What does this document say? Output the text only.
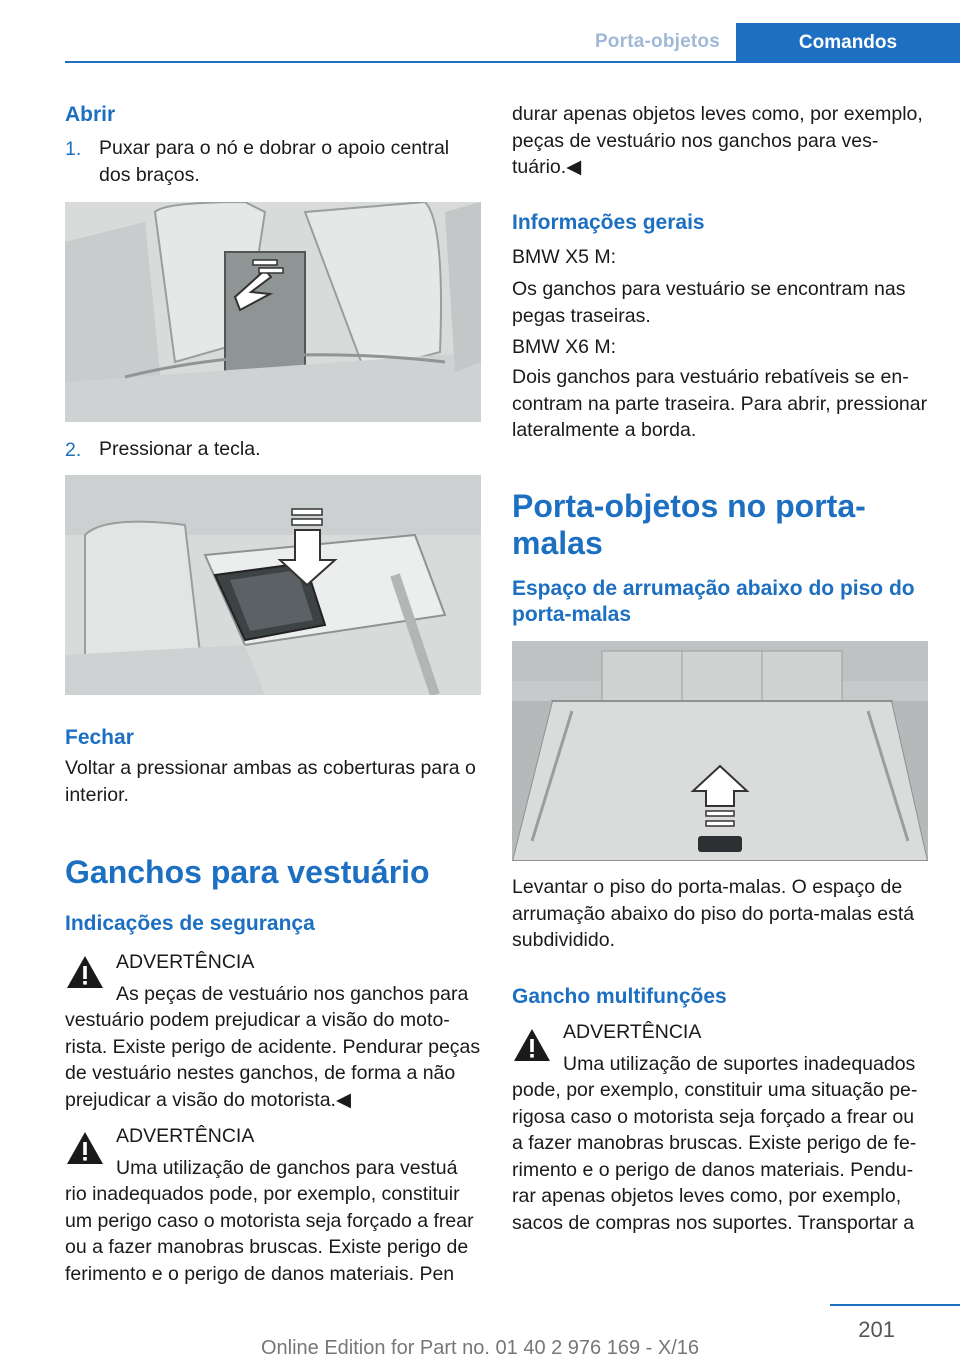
Porta-objetos	Comandos
Abrir
1. Puxar para o nó e dobrar o apoio central dos braços.
2. Pressionar a tecla.
Fechar
Voltar a pressionar ambas as coberturas para o interior.
Ganchos para vestuário
Indicações de segurança
ADVERTÊNCIA
As peças de vestuário nos ganchos para
vestuário podem prejudicar a visão do motorista. Existe perigo de acidente. Pendurar peças de vestuário nestes ganchos, de forma a não prejudicar a visão do motorista.◀
ADVERTÊNCIA
Uma utilização de ganchos para vestuá
rio inadequados pode, por exemplo, constituir um perigo caso o motorista seja forçado a frear ou a fazer manobras bruscas. Existe perigo de ferimento e o perigo de danos materiais. Pen
durar apenas objetos leves como, por exemplo, peças de vestuário nos ganchos para vestuário.◀
Informações gerais
BMW X5 M:
Os ganchos para vestuário se encontram nas pegas traseiras.
BMW X6 M:
Dois ganchos para vestuário rebatíveis se encontram na parte traseira. Para abrir, pressionar lateralmente a borda.
Porta-objetos no porta-malas
Espaço de arrumação abaixo do piso do porta-malas
Levantar o piso do porta-malas. O espaço de arrumação abaixo do piso do porta-malas está subdividido.
Gancho multifunções
ADVERTÊNCIA
Uma utilização de suportes inadequados
pode, por exemplo, constituir uma situação perigosa caso o motorista seja forçado a frear ou a fazer manobras bruscas. Existe perigo de ferimento e o perigo de danos materiais. Pendurar apenas objetos leves como, por exemplo, sacos de compras nos suportes. Transportar a
201
Online Edition for Part no. 01 40 2 976 169 - X/16
